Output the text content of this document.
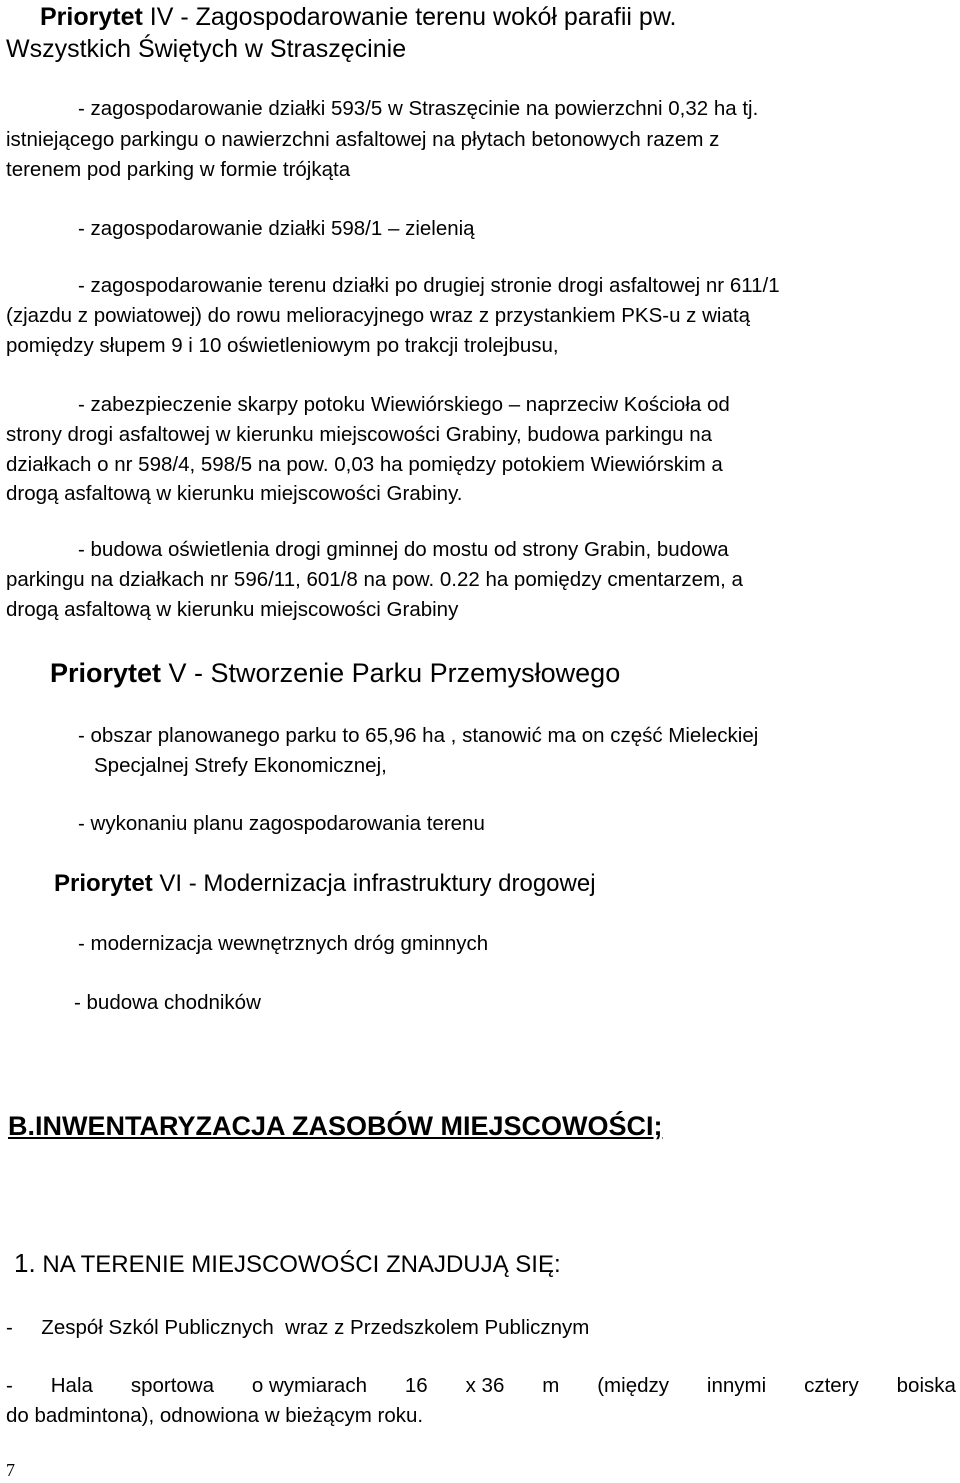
Priorytet IV - Zagospodarowanie terenu wokół parafii pw.
Wszystkich Świętych w Straszęcinie
- zagospodarowanie działki 593/5 w Straszęcinie na powierzchni 0,32 ha tj.
istniejącego parkingu o nawierzchni asfaltowej na płytach betonowych razem z
terenem pod parking w formie trójkąta
- zagospodarowanie działki 598/1 – zielenią
- zagospodarowanie terenu działki po drugiej stronie drogi asfaltowej nr 611/1
(zjazdu z powiatowej) do rowu melioracyjnego wraz z przystankiem PKS-u z wiatą
pomiędzy słupem 9 i 10 oświetleniowym po trakcji trolejbusu,
- zabezpieczenie skarpy potoku Wiewiórskiego – naprzeciw Kościoła od
strony drogi asfaltowej w kierunku miejscowości Grabiny, budowa parkingu na
działkach o nr 598/4, 598/5 na pow. 0,03 ha pomiędzy potokiem Wiewiórskim a
drogą asfaltową w kierunku miejscowości Grabiny.
- budowa oświetlenia drogi gminnej do mostu od strony Grabin, budowa
parkingu na działkach nr 596/11, 601/8 na pow. 0.22 ha pomiędzy cmentarzem, a
drogą asfaltową w kierunku miejscowości Grabiny
Priorytet V - Stworzenie Parku Przemysłowego
- obszar planowanego parku to 65,96 ha , stanowić ma on część Mieleckiej
Specjalnej Strefy Ekonomicznej,
- wykonaniu planu zagospodarowania terenu
Priorytet VI - Modernizacja infrastruktury drogowej
- modernizacja wewnętrznych dróg gminnych
- budowa chodników
B.INWENTARYZACJA ZASOBÓW MIEJSCOWOŚCI;
1. NA TERENIE MIEJSCOWOŚCI ZNAJDUJĄ SIĘ:
-     Zespół Szkól Publicznych  wraz z Przedszkolem Publicznym
- Hala sportowa o wymiarach 16 x 36 m (między innymi cztery boiska
do badmintona), odnowiona w bieżącym roku.
7
